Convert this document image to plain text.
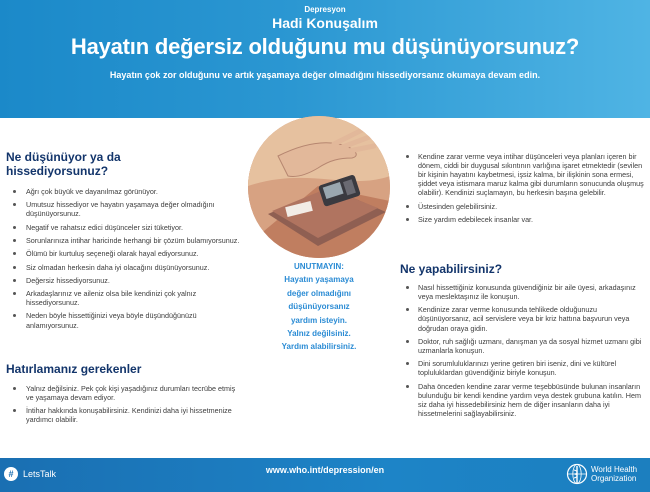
Depresyon
Hadi Konuşalım
Hayatın değersiz olduğunu mu düşünüyorsunuz?
Hayatın çok zor olduğunu ve artık yaşamaya değer olmadığını hissediyorsanız okumaya devam edin.
Ne düşünüyor ya da
hissediyorsunuz?
Ağrı çok büyük ve dayanılmaz görünüyor.
Umutsuz hissediyor ve hayatın yaşamaya değer olmadığını düşünüyorsunuz.
Negatif ve rahatsız edici düşünceler sizi tüketiyor.
Sorunlarınıza intihar haricinde herhangi bir çözüm bulamıyorsunuz.
Ölümü bir kurtuluş seçeneği olarak hayal ediyorsunuz.
Siz olmadan herkesin daha iyi olacağını düşünüyorsunuz.
Değersiz hissediyorsunuz.
Arkadaşlarınız ve aileniz olsa bile kendinizi çok yalnız hissediyorsunuz.
Neden böyle hissettiğinizi veya böyle düşündüğünüzü anlamıyorsunuz.
Hatırlamanız gerekenler
Yalnız değilsiniz. Pek çok kişi yaşadığınız durumları tecrübe etmiş ve yaşamaya devam ediyor.
İntihar hakkında konuşabilirsiniz. Kendinizi daha iyi hissetmenize yardımcı olabilir.
UNUTMAYIN:
Hayatın yaşamaya
değer olmadığını
düşünüyorsanız
yardım isteyin.
Yalnız değilsiniz.
Yardım alabilirsiniz.
Kendine zarar verme veya intihar düşünceleri veya planları içeren bir dönem, ciddi bir duygusal sıkıntının varlığına işaret etmektedir (sevilen bir kişinin hayatını kaybetmesi, işsiz kalma, bir ilişkinin sona ermesi, şiddet veya istismara maruz kalma gibi durumların sonucunda oluşmuş olabilir). Kendinizi suçlamayın, bu herkesin başına gelebilir.
Üstesinden gelebilirsiniz.
Size yardım edebilecek insanlar var.
Ne yapabilirsiniz?
Nasıl hissettiğiniz konusunda güvendiğiniz bir aile üyesi, arkadaşınız veya meslektaşınız ile konuşun.
Kendinize zarar verme konusunda tehlikede olduğunuzu düşünüyorsanız, acil servislere veya bir kriz hattına başvurun veya doğrudan oraya gidin.
Doktor, ruh sağlığı uzmanı, danışman ya da sosyal hizmet uzmanı gibi uzmanlarla konuşun.
Dini sorumluluklarınızı yerine getiren biri iseniz, dini ve kültürel topluluklardan güvendiğiniz biriyle konuşun.
Daha önceden kendine zarar verme teşebbüsünde bulunan insanların bulunduğu bir kendi kendine yardım veya destek grubuna katılın. Hem siz daha iyi hissedebilirsiniz hem de diğer insanların daha iyi hissetmelerini sağlayabilirsiniz.
#	LetsTalk	www.who.int/depression/en	World Health
Organization
